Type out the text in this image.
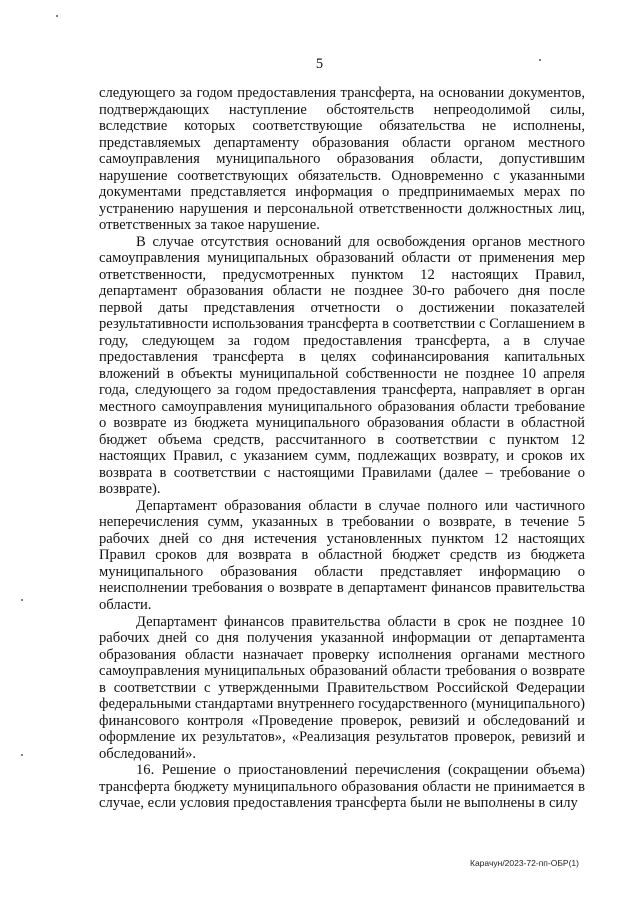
5

следующего за годом предоставления трансферта, на основании документов, подтверждающих наступление обстоятельств непреодолимой силы, вследствие которых соответствующие обязательства не исполнены, представляемых департаменту образования области органом местного самоуправления муниципального образования области, допустившим нарушение соответствующих обязательств. Одновременно с указанными документами представляется информация о предпринимаемых мерах по устранению нарушения и персональной ответственности должностных лиц, ответственных за такое нарушение.

В случае отсутствия оснований для освобождения органов местного самоуправления муниципальных образований области от применения мер ответственности, предусмотренных пунктом 12 настоящих Правил, департамент образования области не позднее 30-го рабочего дня после первой даты представления отчетности о достижении показателей результативности использования трансферта в соответствии с Соглашением в году, следующем за годом предоставления трансферта, а в случае предоставления трансферта в целях софинансирования капитальных вложений в объекты муниципальной собственности не позднее 10 апреля года, следующего за годом предоставления трансферта, направляет в орган местного самоуправления муниципального образования области требование о возврате из бюджета муниципального образования области в областной бюджет объема средств, рассчитанного в соответствии с пунктом 12 настоящих Правил, с указанием сумм, подлежащих возврату, и сроков их возврата в соответствии с настоящими Правилами (далее – требование о возврате).

Департамент образования области в случае полного или частичного неперечисления сумм, указанных в требовании о возврате, в течение 5 рабочих дней со дня истечения установленных пунктом 12 настоящих Правил сроков для возврата в областной бюджет средств из бюджета муниципального образования области представляет информацию о неисполнении требования о возврате в департамент финансов правительства области.

Департамент финансов правительства области в срок не позднее 10 рабочих дней со дня получения указанной информации от департамента образования области назначает проверку исполнения органами местного самоуправления муниципальных образований области требования о возврате в соответствии с утвержденными Правительством Российской Федерации федеральными стандартами внутреннего государственного (муниципального) финансового контроля «Проведение проверок, ревизий и обследований и оформление их результатов», «Реализация результатов проверок, ревизий и обследований».

16. Решение о приостановлении перечисления (сокращении объема) трансферта бюджету муниципального образования области не принимается в случае, если условия предоставления трансферта были не выполнены в силу

Карачун/2023-72-пп-ОБР(1)
